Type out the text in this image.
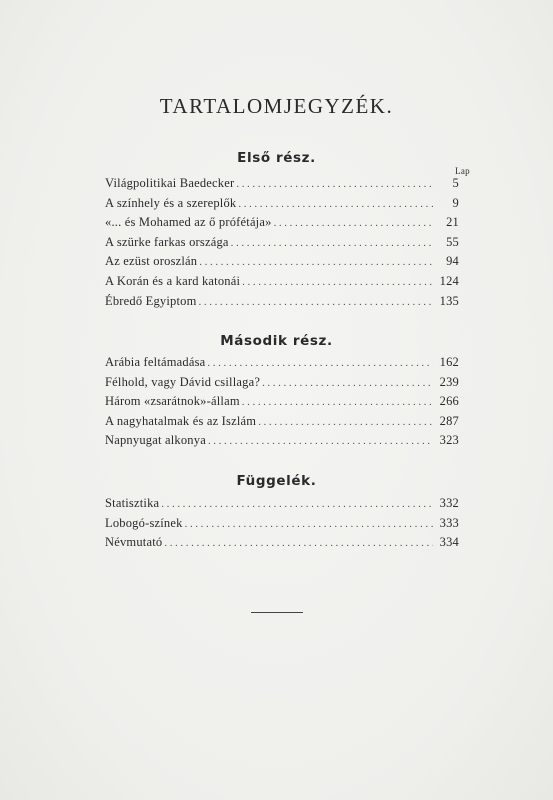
TARTALOMJEGYZÉK.
Első rész.
Lap
Világpolitikai Baedecker .....	5
A színhely és a szereplők .....	9
«... és Mohamed az ő prófétája» .....	21
A szürke farkas országa .....	55
Az ezüst oroszlán .....	94
A Korán és a kard katonái .....	124
Ébredő Egyiptom .....	135
Második rész.
Arábia feltámadása .....	162
Félhold, vagy Dávid csillaga? .....	239
Három «zsarátnok»-állam .....	266
A nagyhatalmak és az Iszlám .....	287
Napnyugat alkonya .....	323
Függelék.
Statisztika .....	332
Lobogó-színek .....	333
Névmutató .....	334
